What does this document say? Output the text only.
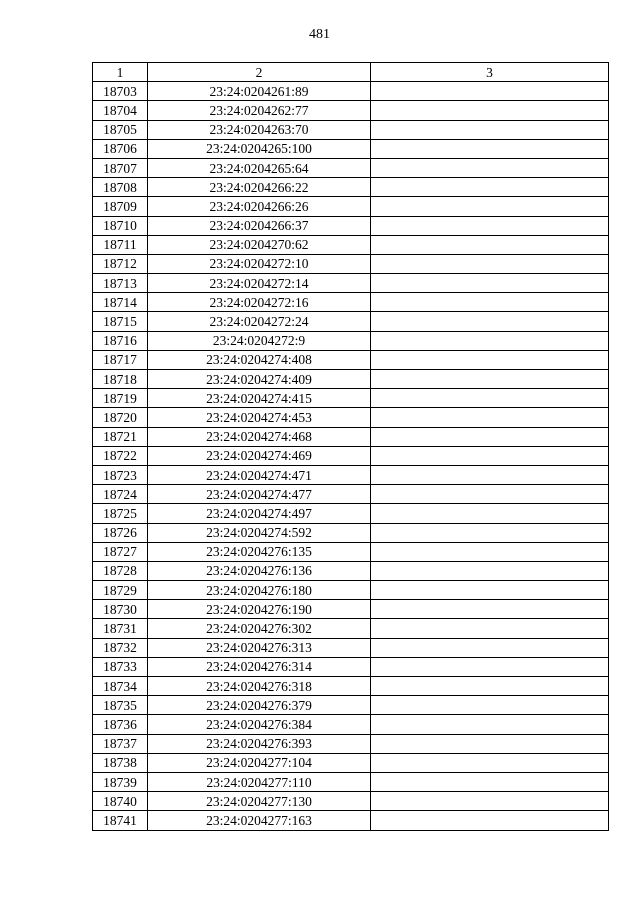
481
1	2	3
18703	23:24:0204261:89	
18704	23:24:0204262:77	
18705	23:24:0204263:70	
18706	23:24:0204265:100	
18707	23:24:0204265:64	
18708	23:24:0204266:22	
18709	23:24:0204266:26	
18710	23:24:0204266:37	
18711	23:24:0204270:62	
18712	23:24:0204272:10	
18713	23:24:0204272:14	
18714	23:24:0204272:16	
18715	23:24:0204272:24	
18716	23:24:0204272:9	
18717	23:24:0204274:408	
18718	23:24:0204274:409	
18719	23:24:0204274:415	
18720	23:24:0204274:453	
18721	23:24:0204274:468	
18722	23:24:0204274:469	
18723	23:24:0204274:471	
18724	23:24:0204274:477	
18725	23:24:0204274:497	
18726	23:24:0204274:592	
18727	23:24:0204276:135	
18728	23:24:0204276:136	
18729	23:24:0204276:180	
18730	23:24:0204276:190	
18731	23:24:0204276:302	
18732	23:24:0204276:313	
18733	23:24:0204276:314	
18734	23:24:0204276:318	
18735	23:24:0204276:379	
18736	23:24:0204276:384	
18737	23:24:0204276:393	
18738	23:24:0204277:104	
18739	23:24:0204277:110	
18740	23:24:0204277:130	
18741	23:24:0204277:163	
